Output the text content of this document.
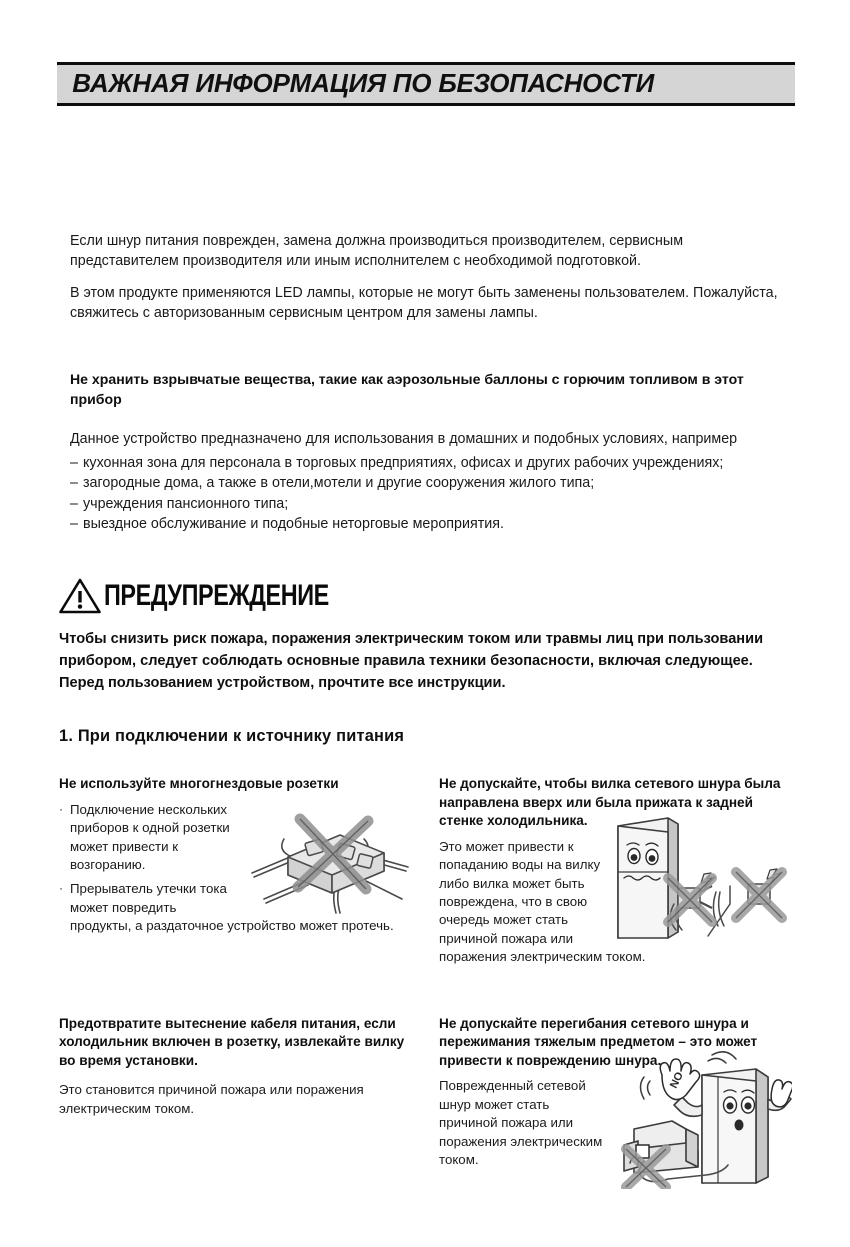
ВАЖНАЯ ИНФОРМАЦИЯ ПО БЕЗОПАСНОСТИ

Если шнур питания поврежден, замена должна производиться производителем, сервисным представителем производителя или иным исполнителем с необходимой подготовкой.

В этом продукте применяются LED лампы, которые не могут быть заменены пользователем. Пожалуйста, свяжитесь с авторизованным сервисным центром для замены лампы.

Не хранить взрывчатые вещества, такие как аэрозольные баллоны с горючим топливом в этот прибор

Данное устройство предназначено для использования в домашних и подобных условиях, например

– кухонная зона для персонала в торговых предприятиях, офисах и других рабочих учреждениях;
– загородные дома, а также в отели,мотели и другие сооружения жилого типа;
– учреждения пансионного типа;
– выездное обслуживание и подобные неторговые мероприятия.
ПРЕДУПРЕЖДЕНИЕ
Чтобы снизить риск пожара, поражения электрическим током или травмы лиц при пользовании прибором, следует соблюдать основные правила техники безопасности, включая следующее.
Перед пользованием устройством, прочтите все инструкции.
1. При подключении к источнику питания

Не используйте многогнездовые розетки

· Подключение нескольких приборов к одной розетки может привести к возгоранию.
· Прерыватель утечки тока может повредить продукты, а раздаточное устройство может протечь.

Не допускайте, чтобы вилка сетевого шнура была направлена вверх или была прижата к задней стенке холодильника.

Это может привести к попаданию воды на вилку либо вилка может быть повреждена, что в свою очередь может стать причиной пожара или поражения электрическим током.

Предотвратите вытеснение кабеля питания, если холодильник включен в розетку, извлекайте вилку во время установки.

Это становится причиной пожара или поражения электрическим током.

Не допускайте перегибания сетевого шнура и пережимания тяжелым предметом – это может привести к повреждению шнура.

NO

Поврежденный сетевой шнур может стать причиной пожара или поражения электрическим током.
